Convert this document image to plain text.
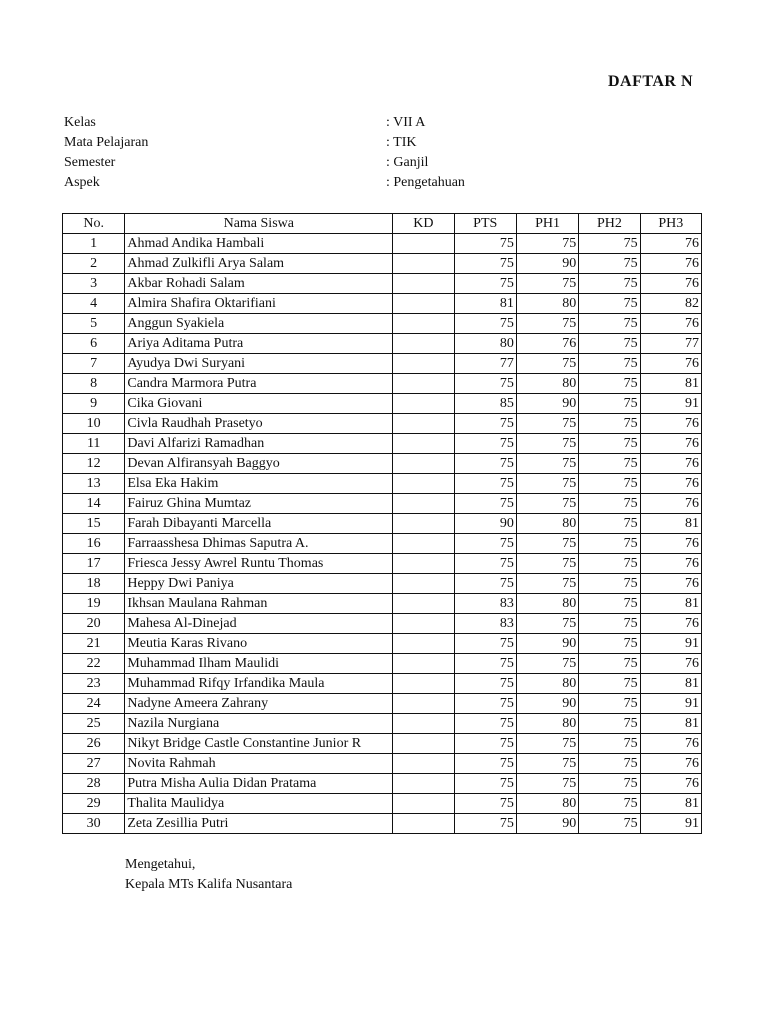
DAFTAR N
Kelas	: VII A
Mata Pelajaran	: TIK
Semester	: Ganjil
Aspek	: Pengetahuan
No.	Nama Siswa	KD	PTS	PH1	PH2	PH3
1	Ahmad Andika Hambali		75	75	75	76
2	Ahmad Zulkifli Arya Salam		75	90	75	76
3	Akbar Rohadi Salam		75	75	75	76
4	Almira Shafira Oktarifiani		81	80	75	82
5	Anggun Syakiela		75	75	75	76
6	Ariya Aditama Putra		80	76	75	77
7	Ayudya Dwi Suryani		77	75	75	76
8	Candra Marmora Putra		75	80	75	81
9	Cika Giovani		85	90	75	91
10	Civla Raudhah Prasetyo		75	75	75	76
11	Davi Alfarizi Ramadhan		75	75	75	76
12	Devan Alfiransyah Baggyo		75	75	75	76
13	Elsa Eka Hakim		75	75	75	76
14	Fairuz Ghina Mumtaz		75	75	75	76
15	Farah Dibayanti Marcella		90	80	75	81
16	Farraasshesa Dhimas Saputra A.		75	75	75	76
17	Friesca Jessy Awrel Runtu Thomas		75	75	75	76
18	Heppy Dwi Paniya		75	75	75	76
19	Ikhsan Maulana Rahman		83	80	75	81
20	Mahesa Al-Dinejad		83	75	75	76
21	Meutia Karas Rivano		75	90	75	91
22	Muhammad Ilham Maulidi		75	75	75	76
23	Muhammad Rifqy Irfandika Maula		75	80	75	81
24	Nadyne Ameera Zahrany		75	90	75	91
25	Nazila Nurgiana		75	80	75	81
26	Nikyt Bridge Castle Constantine Junior R		75	75	75	76
27	Novita Rahmah		75	75	75	76
28	Putra Misha Aulia Didan Pratama		75	75	75	76
29	Thalita Maulidya		75	80	75	81
30	Zeta Zesillia Putri		75	90	75	91
Mengetahui,
Kepala MTs Kalifa Nusantara
